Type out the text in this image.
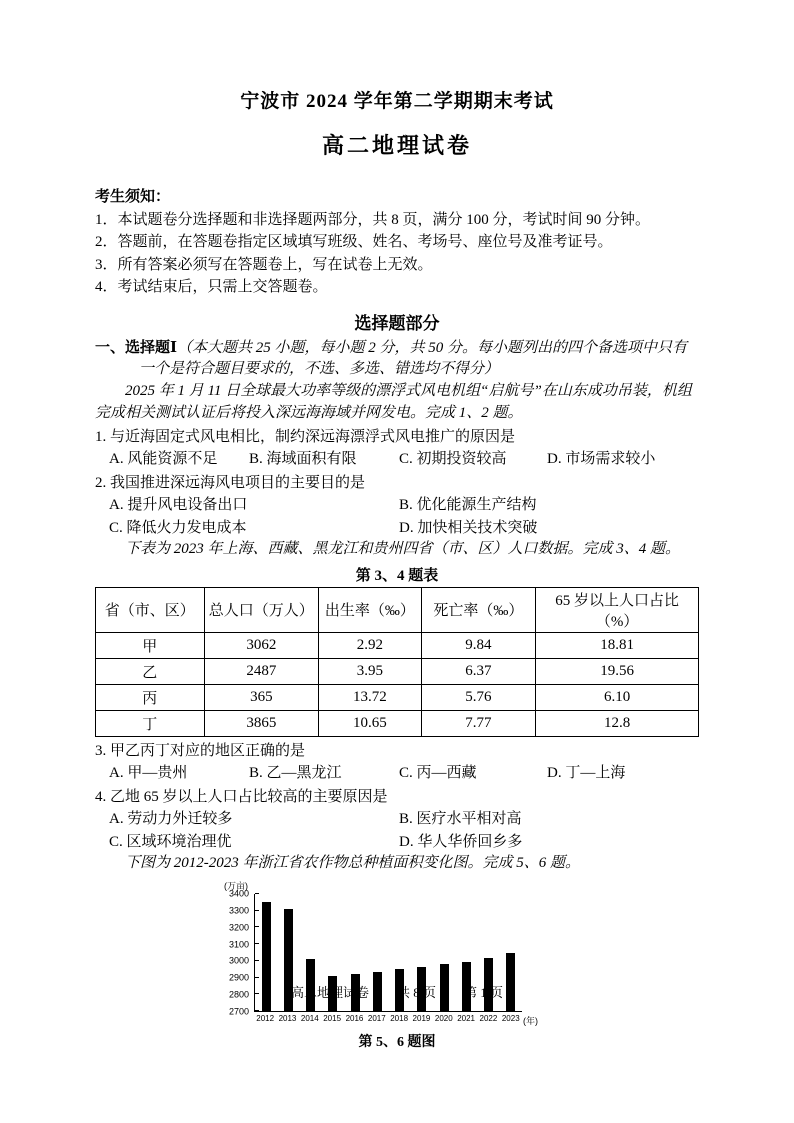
宁波市 2024 学年第二学期期末考试
高二地理试卷
考生须知：
1．本试题卷分选择题和非选择题两部分，共 8 页，满分 100 分，考试时间 90 分钟。
2．答题前，在答题卷指定区域填写班级、姓名、考场号、座位号及准考证号。
3．所有答案必须写在答题卷上，写在试卷上无效。
4．考试结束后，只需上交答题卷。
选择题部分

一、选择题Ⅰ（本大题共 25 小题，每小题 2 分，共 50 分。每小题列出的四个备选项中只有一个是符合题目要求的，不选、多选、错选均不得分）

2025 年 1 月 11 日全球最大功率等级的漂浮式风电机组“启航号”在山东成功吊装，机组完成相关测试认证后将投入深远海海域并网发电。完成 1、2 题。

1. 与近海固定式风电相比，制约深远海漂浮式风电推广的原因是
A. 风能资源不足	B. 海域面积有限	C. 初期投资较高	D. 市场需求较小
2. 我国推进深远海风电项目的主要目的是
A. 提升风电设备出口	B. 优化能源生产结构
C. 降低火力发电成本	D. 加快相关技术突破

下表为 2023 年上海、西藏、黑龙江和贵州四省（市、区）人口数据。完成 3、4 题。

第 3、4 题表
省（市、区）	总人口（万人）	出生率（‰）	死亡率（‰）	65 岁以上人口占比（%）
甲	3062	2.92	9.84	18.81
乙	2487	3.95	6.37	19.56
丙	365	13.72	5.76	6.10
丁	3865	10.65	7.77	12.8
3. 甲乙丙丁对应的地区正确的是
A. 甲—贵州	B. 乙—黑龙江	C. 丙—西藏	D. 丁—上海
4. 乙地 65 岁以上人口占比较高的主要原因是
A. 劳动力外迁较多	B. 医疗水平相对高
C. 区域环境治理优	D. 华人华侨回乡多

下图为 2012-2023 年浙江省农作物总种植面积变化图。完成 5、6 题。

(万亩)
3400
3300
3200
3100
3000
2900
2800
2700
2012 2013 2014 2015 2016 2017 2018 2019 2020 2021 2022 2023 (年)
第 5、6 题图
高二地理试卷 共 8 页 第 1 页
